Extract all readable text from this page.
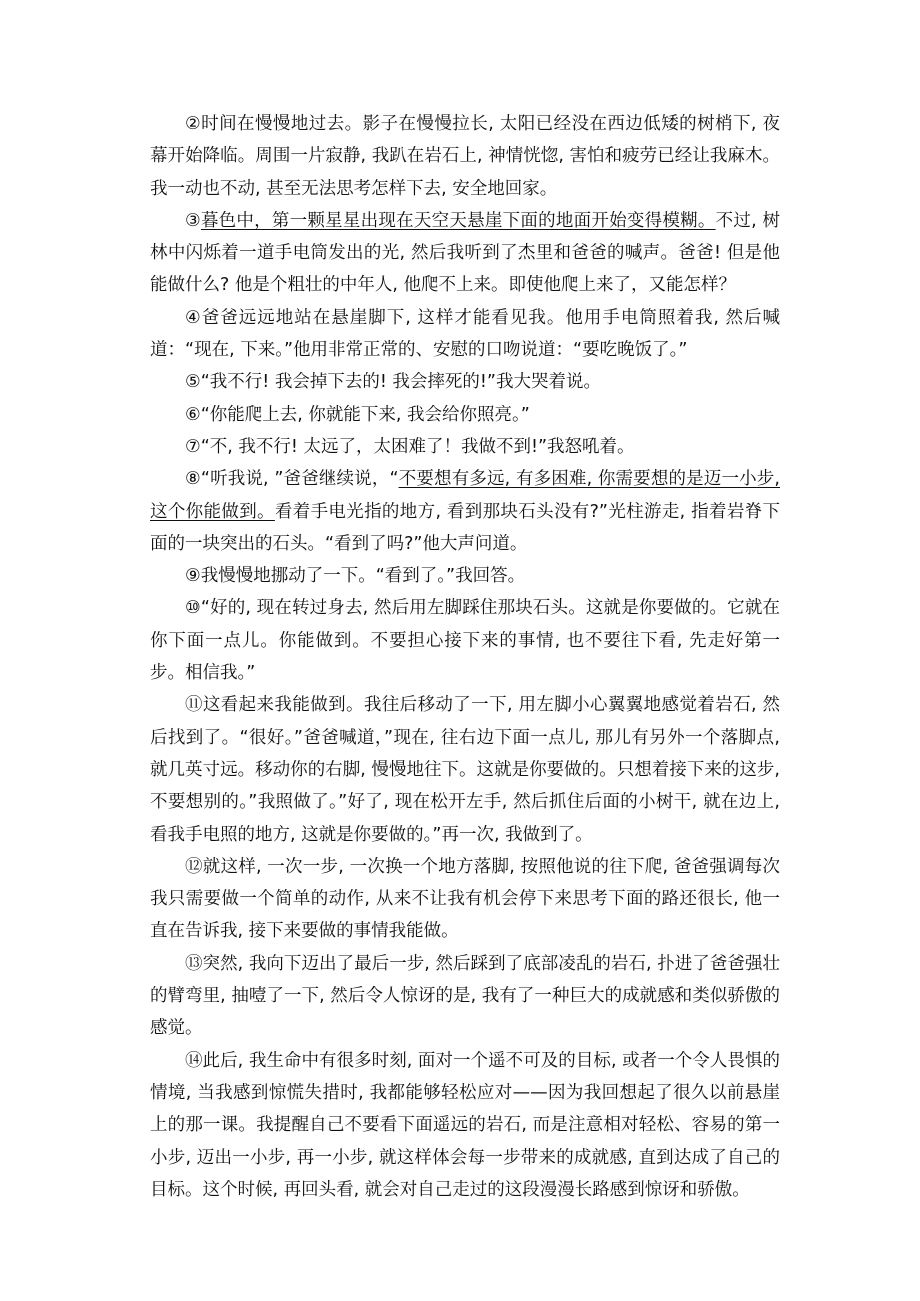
②时间在慢慢地过去。影子在慢慢拉长, 太阳已经没在西边低矮的树梢下, 夜幕开始降临。周围一片寂静, 我趴在岩石上, 神情恍惚, 害怕和疲劳已经让我麻木。我一动也不动, 甚至无法思考怎样下去, 安全地回家。

③暮色中，第一颗星星出现在天空天悬崖下面的地面开始变得模糊。不过, 树林中闪烁着一道手电筒发出的光, 然后我听到了杰里和爸爸的喊声。爸爸! 但是他能做什么? 他是个粗壮的中年人, 他爬不上来。即使他爬上来了，又能怎样？

④爸爸远远地站在悬崖脚下, 这样才能看见我。他用手电筒照着我, 然后喊道：“现在, 下来。”他用非常正常的、安慰的口吻说道：“要吃晚饭了。”

⑤“我不行! 我会掉下去的! 我会摔死的!”我大哭着说。

⑥“你能爬上去, 你就能下来, 我会给你照亮。”

⑦“不, 我不行! 太远了，太困难了！我做不到!”我怒吼着。

⑧“听我说, ”爸爸继续说，“不要想有多远, 有多困难, 你需要想的是迈一小步, 这个你能做到。看着手电光指的地方, 看到那块石头没有?”光柱游走, 指着岩脊下面的一块突出的石头。“看到了吗?”他大声问道。

⑨我慢慢地挪动了一下。“看到了。”我回答。

⑩“好的, 现在转过身去, 然后用左脚踩住那块石头。这就是你要做的。它就在你下面一点儿。你能做到。不要担心接下来的事情, 也不要往下看, 先走好第一步。相信我。”

⑪这看起来我能做到。我往后移动了一下, 用左脚小心翼翼地感觉着岩石, 然后找到了。“很好。”爸爸喊道，”现在, 往右边下面一点儿, 那儿有另外一个落脚点, 就几英寸远。移动你的右脚, 慢慢地往下。这就是你要做的。只想着接下来的这步, 不要想别的。”我照做了。”好了, 现在松开左手, 然后抓住后面的小树干, 就在边上, 看我手电照的地方, 这就是你要做的。”再一次, 我做到了。

⑫就这样, 一次一步, 一次换一个地方落脚, 按照他说的往下爬, 爸爸强调每次我只需要做一个简单的动作, 从来不让我有机会停下来思考下面的路还很长, 他一直在告诉我, 接下来要做的事情我能做。

⑬突然, 我向下迈出了最后一步, 然后踩到了底部凌乱的岩石, 扑进了爸爸强壮的臂弯里, 抽噎了一下, 然后令人惊讶的是, 我有了一种巨大的成就感和类似骄傲的感觉。

⑭此后, 我生命中有很多时刻, 面对一个遥不可及的目标, 或者一个令人畏惧的情境, 当我感到惊慌失措时, 我都能够轻松应对——因为我回想起了很久以前悬崖上的那一课。我提醒自己不要看下面遥远的岩石, 而是注意相对轻松、容易的第一小步, 迈出一小步, 再一小步, 就这样体会每一步带来的成就感, 直到达成了自己的目标。这个时候, 再回头看, 就会对自己走过的这段漫漫长路感到惊讶和骄傲。
